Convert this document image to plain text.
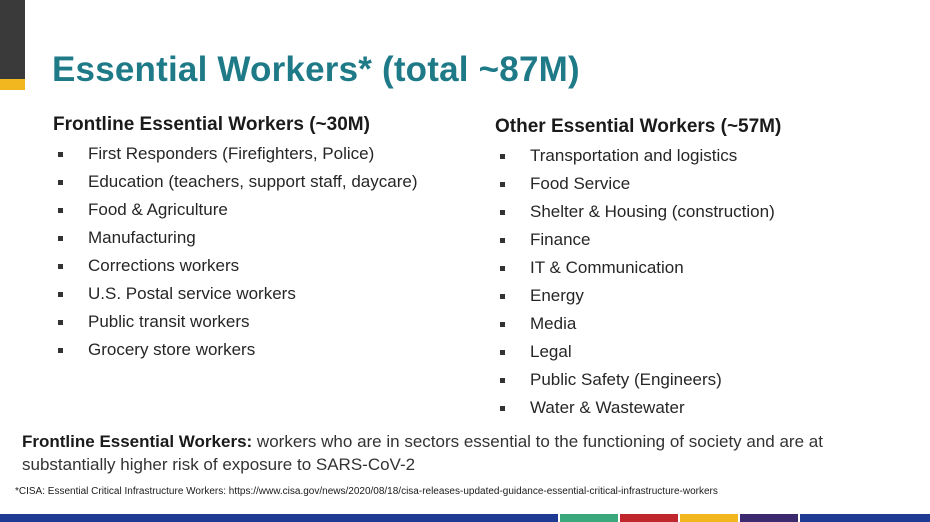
Essential Workers* (total ~87M)
Frontline Essential Workers (~30M)
First Responders (Firefighters, Police)
Education (teachers, support staff, daycare)
Food & Agriculture
Manufacturing
Corrections workers
U.S. Postal service workers
Public transit workers
Grocery store workers
Other Essential Workers (~57M)
Transportation and logistics
Food Service
Shelter & Housing (construction)
Finance
IT & Communication
Energy
Media
Legal
Public Safety (Engineers)
Water & Wastewater

Frontline Essential Workers: workers who are in sectors essential to the functioning of society and are at substantially higher risk of exposure to SARS-CoV-2

*CISA: Essential Critical Infrastructure Workers: https://www.cisa.gov/news/2020/08/18/cisa-releases-updated-guidance-essential-critical-infrastructure-workers
